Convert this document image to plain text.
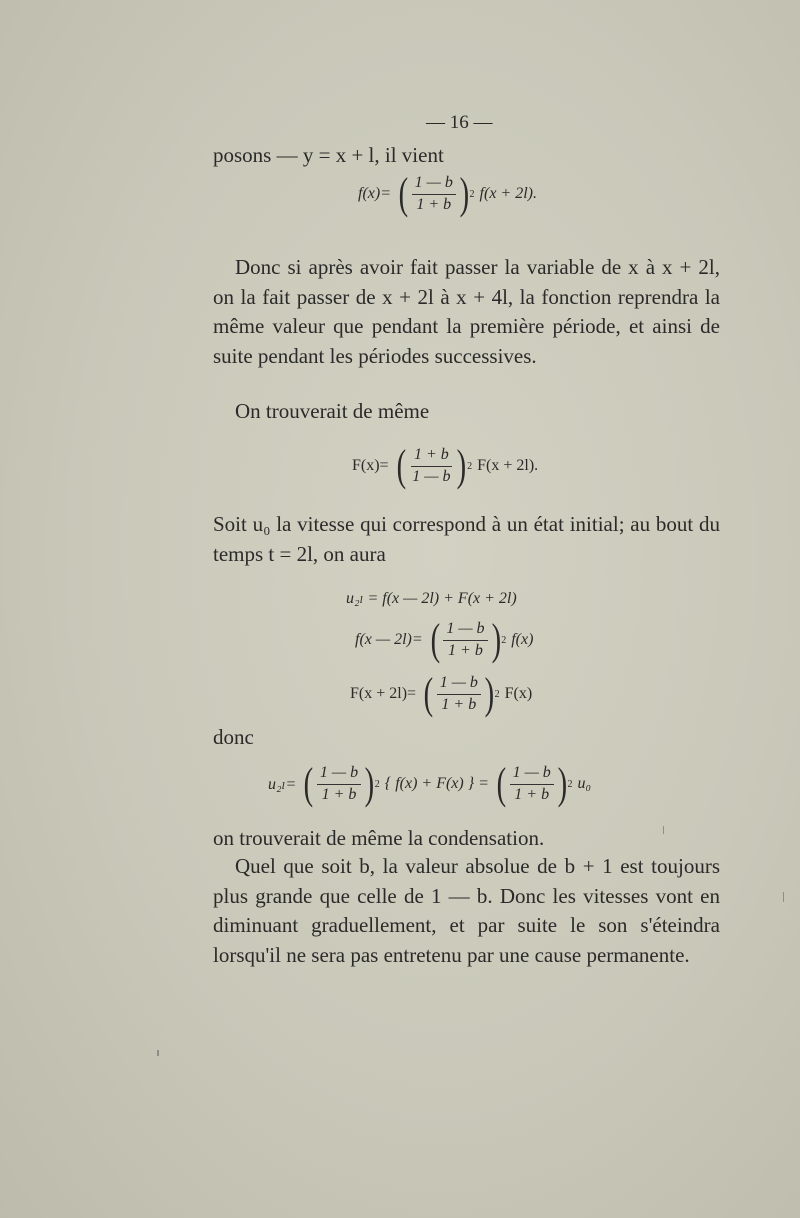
— 16 —
posons — y = x + l, il vient
f(x)= ( $\frac{1 — b}{1 + b}$ ) 2 f(x + 2l).
Donc si après avoir fait passer la variable de x à x + 2l, on la fait passer de x + 2l à x + 4l, la fonction reprendra la même valeur que pendant la première période, et ainsi de suite pendant les périodes successives.
On trouverait de même
F(x)= ( $\frac{1 + b}{1 — b}$ ) 2 F(x + 2l).
Soit u₀ la vitesse qui correspond à un état initial; au bout du temps t = 2l, on aura
u₂ₗ = f(x — 2l) + F(x + 2l)
f(x — 2l)= ( $\frac{1 — b}{1 + b}$ ) 2 f(x)
F(x + 2l)= ( $\frac{1 — b}{1 + b}$ ) 2 F(x)
donc
u₂ₗ= ( $\frac{1 — b}{1 + b}$ ) 2 { f(x) + F(x) } = ( $\frac{1 — b}{1 + b}$ ) 2 u₀
on trouverait de même la condensation.
Quel que soit b, la valeur absolue de b + 1 est toujours plus grande que celle de 1 — b. Donc les vitesses vont en diminuant graduellement, et par suite le son s'éteindra lorsqu'il ne sera pas entretenu par une cause permanente.
